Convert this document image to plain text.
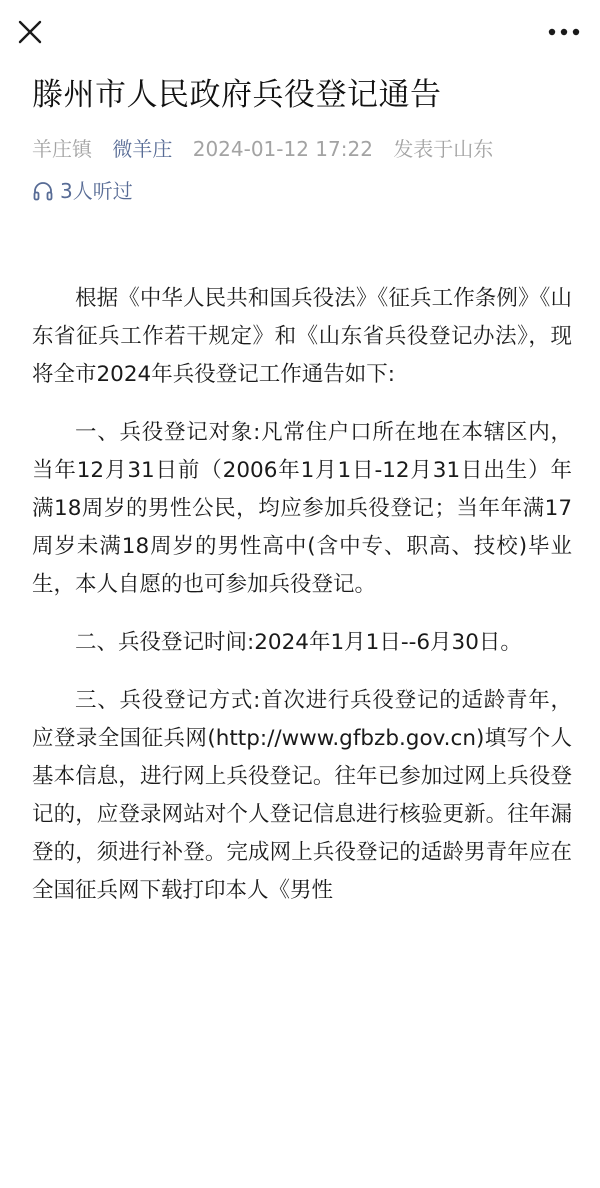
滕州市人民政府兵役登记通告
羊庄镇 微羊庄 2024-01-12 17:22 发表于山东
3人听过

根据《中华人民共和国兵役法》《征兵工作条例》《山东省征兵工作若干规定》和《山东省兵役登记办法》，现将全市2024年兵役登记工作通告如下:

一、兵役登记对象:凡常住户口所在地在本辖区内，当年12月31日前（2006年1月1日-12月31日出生）年满18周岁的男性公民，均应参加兵役登记；当年年满17周岁未满18周岁的男性高中(含中专、职高、技校)毕业生，本人自愿的也可参加兵役登记。

二、兵役登记时间:2024年1月1日--6月30日。

三、兵役登记方式:首次进行兵役登记的适龄青年，应登录全国征兵网(http://www.gfbzb.gov.cn)填写个人基本信息，进行网上兵役登记。往年已参加过网上兵役登记的，应登录网站对个人登记信息进行核验更新。往年漏登的，须进行补登。完成网上兵役登记的适龄男青年应在全国征兵网下载打印本人《男性
